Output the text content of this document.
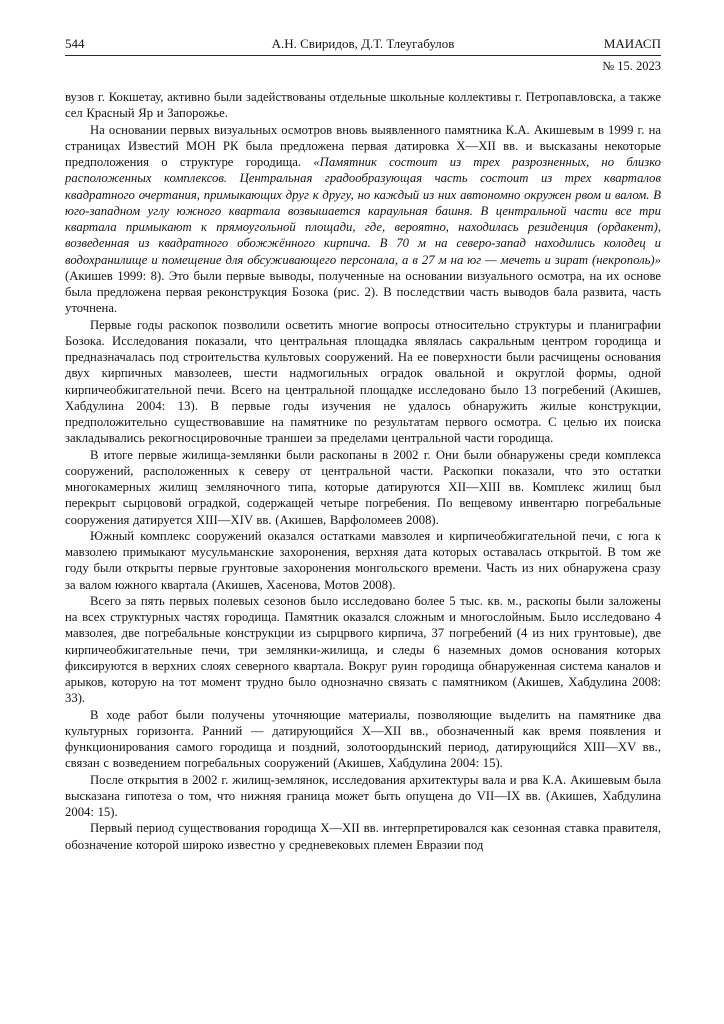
544	А.Н. Свиридов, Д.Т. Тлеугабулов	МАИАСП
№ 15. 2023

вузов г. Кокшетау, активно были задействованы отдельные школьные коллективы г. Петропавловска, а также сел Красный Яр и Запорожье.

На основании первых визуальных осмотров вновь выявленного памятника К.А. Акишевым в 1999 г. на страницах Известий МОН РК была предложена первая датировка X—XII вв. и высказаны некоторые предположения о структуре городища. «Памятник состоит из трех разрозненных, но близко расположенных комплексов. Центральная градообразующая часть состоит из трех кварталов квадратного очертания, примыкающих друг к другу, но каждый из них автономно окружен рвом и валом. В юго-западном углу южного квартала возвышается караульная башня. В центральной части все три квартала примыкают к прямоугольной площади, где, вероятно, находилась резиденция (ордакент), возведенная из квадратного обожжённого кирпича. В 70 м на северо-запад находились колодец и водохранилище и помещение для обсуживающего персонала, а в 27 м на юг — мечеть и зират (некрополь)» (Акишев 1999: 8). Это были первые выводы, полученные на основании визуального осмотра, на их основе была предложена первая реконструкция Бозока (рис. 2). В последствии часть выводов бала развита, часть уточнена.

Первые годы раскопок позволили осветить многие вопросы относительно структуры и планиграфии Бозока. Исследования показали, что центральная площадка являлась сакральным центром городища и предназначалась под строительства культовых сооружений. На ее поверхности были расчищены основания двух кирпичных мавзолеев, шести надмогильных оградок овальной и округлой формы, одной кирпичеобжигательной печи. Всего на центральной площадке исследовано было 13 погребений (Акишев, Хабдулина 2004: 13). В первые годы изучения не удалось обнаружить жилые конструкции, предположительно существовавшие на памятнике по результатам первого осмотра. С целью их поиска закладывались рекогносцировочные траншеи за пределами центральной части городища.

В итоге первые жилища-землянки были раскопаны в 2002 г. Они были обнаружены среди комплекса сооружений, расположенных к северу от центральной части. Раскопки показали, что это остатки многокамерных жилищ земляночного типа, которые датируются XII—XIII вв. Комплекс жилищ был перекрыт сырцововй оградкой, содержащей четыре погребения. По вещевому инвентарю погребальные сооружения датируется XIII—XIV вв. (Акишев, Варфоломеев 2008).

Южный комплекс сооружений оказался остатками мавзолея и кирпичеобжигательной печи, с юга к мавзолею примыкают мусульманские захоронения, верхняя дата которых оставалась открытой. В том же году были открыты первые грунтовые захоронения монгольского времени. Часть из них обнаружена сразу за валом южного квартала (Акишев, Хасенова, Мотов 2008).

Всего за пять первых полевых сезонов было исследовано более 5 тыс. кв. м., раскопы были заложены на всех структурных частях городища. Памятник оказался сложным и многослойным. Было исследовано 4 мавзолея, две погребальные конструкции из сырцрвого кирпича, 37 погребений (4 из них грунтовые), две кирпичеобжигательные печи, три землянки-жилища, и следы 6 наземных домов основания которых фиксируются в верхних слоях северного квартала. Вокруг руин городища обнаруженная система каналов и арыков, которую на тот момент трудно было однозначно связать с памятником (Акишев, Хабдулина 2008: 33).

В ходе работ были получены уточняющие материалы, позволяющие выделить на памятнике два культурных горизонта. Ранний — датирующийся X—XII вв., обозначенный как время появления и функционирования самого городища и поздний, золотоордынский период, датирующийся XIII—XV вв., связан с возведением погребальных сооружений (Акишев, Хабдулина 2004: 15).

После открытия в 2002 г. жилищ-землянок, исследования архитектуры вала и рва К.А. Акишевым была высказана гипотеза о том, что нижняя граница может быть опущена до VII—IX вв. (Акишев, Хабдулина 2004: 15).

Первый период существования городища X—XII вв. интерпретировался как сезонная ставка правителя, обозначение которой широко известно у средневековых племен Евразии под
